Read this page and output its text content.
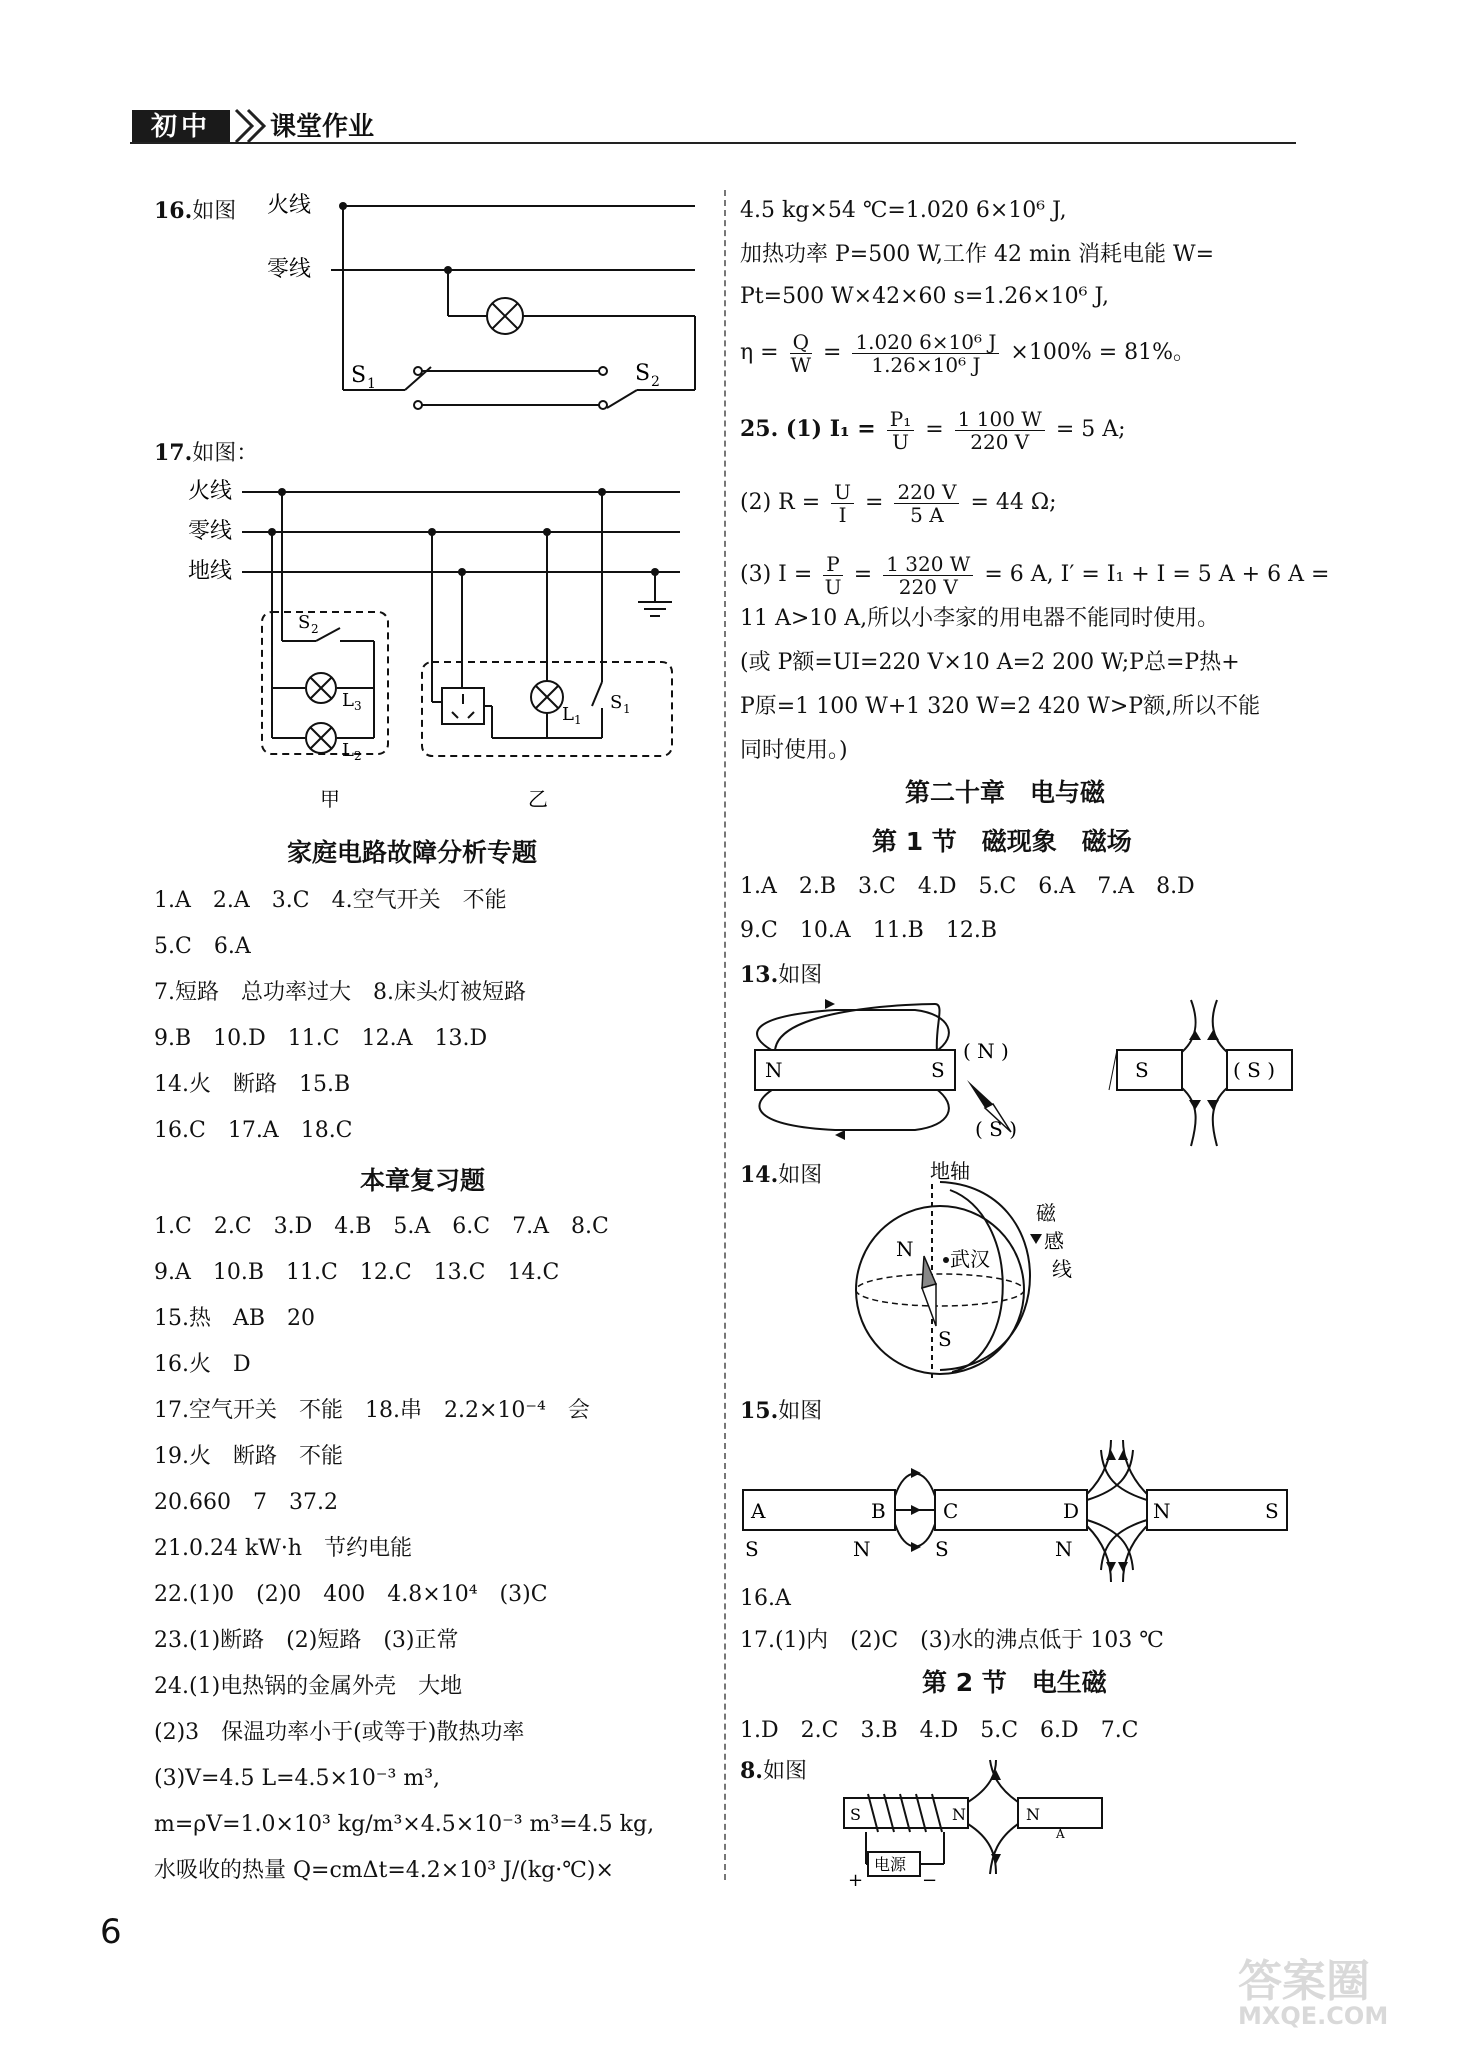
初中	课堂作业
16.如图 火线
零线
S 1	S 2
17.如图：
火线
零线
地线
S 2
L 3
L 2
甲
L 1
S 1
乙
家庭电路故障分析专题
1.A　2.A　3.C　4.空气开关　不能
5.C　6.A
7.短路　总功率过大　8.床头灯被短路
9.B　10.D　11.C　12.A　13.D
14.火　断路　15.B
16.C　17.A　18.C
本章复习题
1.C　2.C　3.D　4.B　5.A　6.C　7.A　8.C
9.A　10.B　11.C　12.C　13.C　14.C
15.热　AB　20
16.火　D
17.空气开关　不能　18.串　2.2×10⁻⁴　会
19.火　断路　不能
20.660　7　37.2
21.0.24 kW·h　节约电能
22.(1)0　(2)0　400　4.8×10⁴　(3)C
23.(1)断路　(2)短路　(3)正常
24.(1)电热锅的金属外壳　大地
(2)3　保温功率小于(或等于)散热功率
(3)V=4.5 L=4.5×10⁻³ m³,
m=ρV=1.0×10³ kg/m³×4.5×10⁻³ m³=4.5 kg,
水吸收的热量 Q=cmΔt=4.2×10³ J/(kg·℃)×
4.5 kg×54 ℃=1.020 6×10⁶ J,
加热功率 P=500 W,工作 42 min 消耗电能 W=
Pt=500 W×42×60 s=1.26×10⁶ J,
$\eta = \frac{Q}{W} = \frac{\text{1.020 6×10⁶ J}}{\text{1.26×10⁶ J}} \times 100\% = 81\%$。
25. (1) $I_1 = \frac{\text{P₁}}{U} = \frac{1 100 W}{220 V} = 5$ A;
(2) $R = \frac{U}{I} = \frac{220 V}{5 A} = 44$ Ω;
(3) $I = \frac{P}{U} = \frac{1 320 W}{220 V} = 6$ A, I′ = I₁ + I = 5 A + 6 A =
11 A>10 A,所以小李家的用电器不能同时使用。
(或 P额=UI=220 V×10 A=2 200 W;P总=P热+
P原=1 100 W+1 320 W=2 420 W>P额,所以不能
同时使用。)
第二十章　电与磁
第 1 节　磁现象　磁场
1.A　2.B　3.C　4.D　5.C　6.A　7.A　8.D
9.C　10.A　11.B　12.B
13.如图
N	S
( N )
( S )
S	( S )
14.如图	地轴
磁
感
线
武汉
N
S
15.如图
A	B	C	D	N	S
S	N	S	N
16.A
17.(1)内　(2)C　(3)水的沸点低于 103 ℃
第 2 节　电生磁
1.D　2.C　3.B　4.D　5.C　6.D　7.C
8.如图
S	N
电源
+	−
N
A
6
答案圈
MXQE.COM
